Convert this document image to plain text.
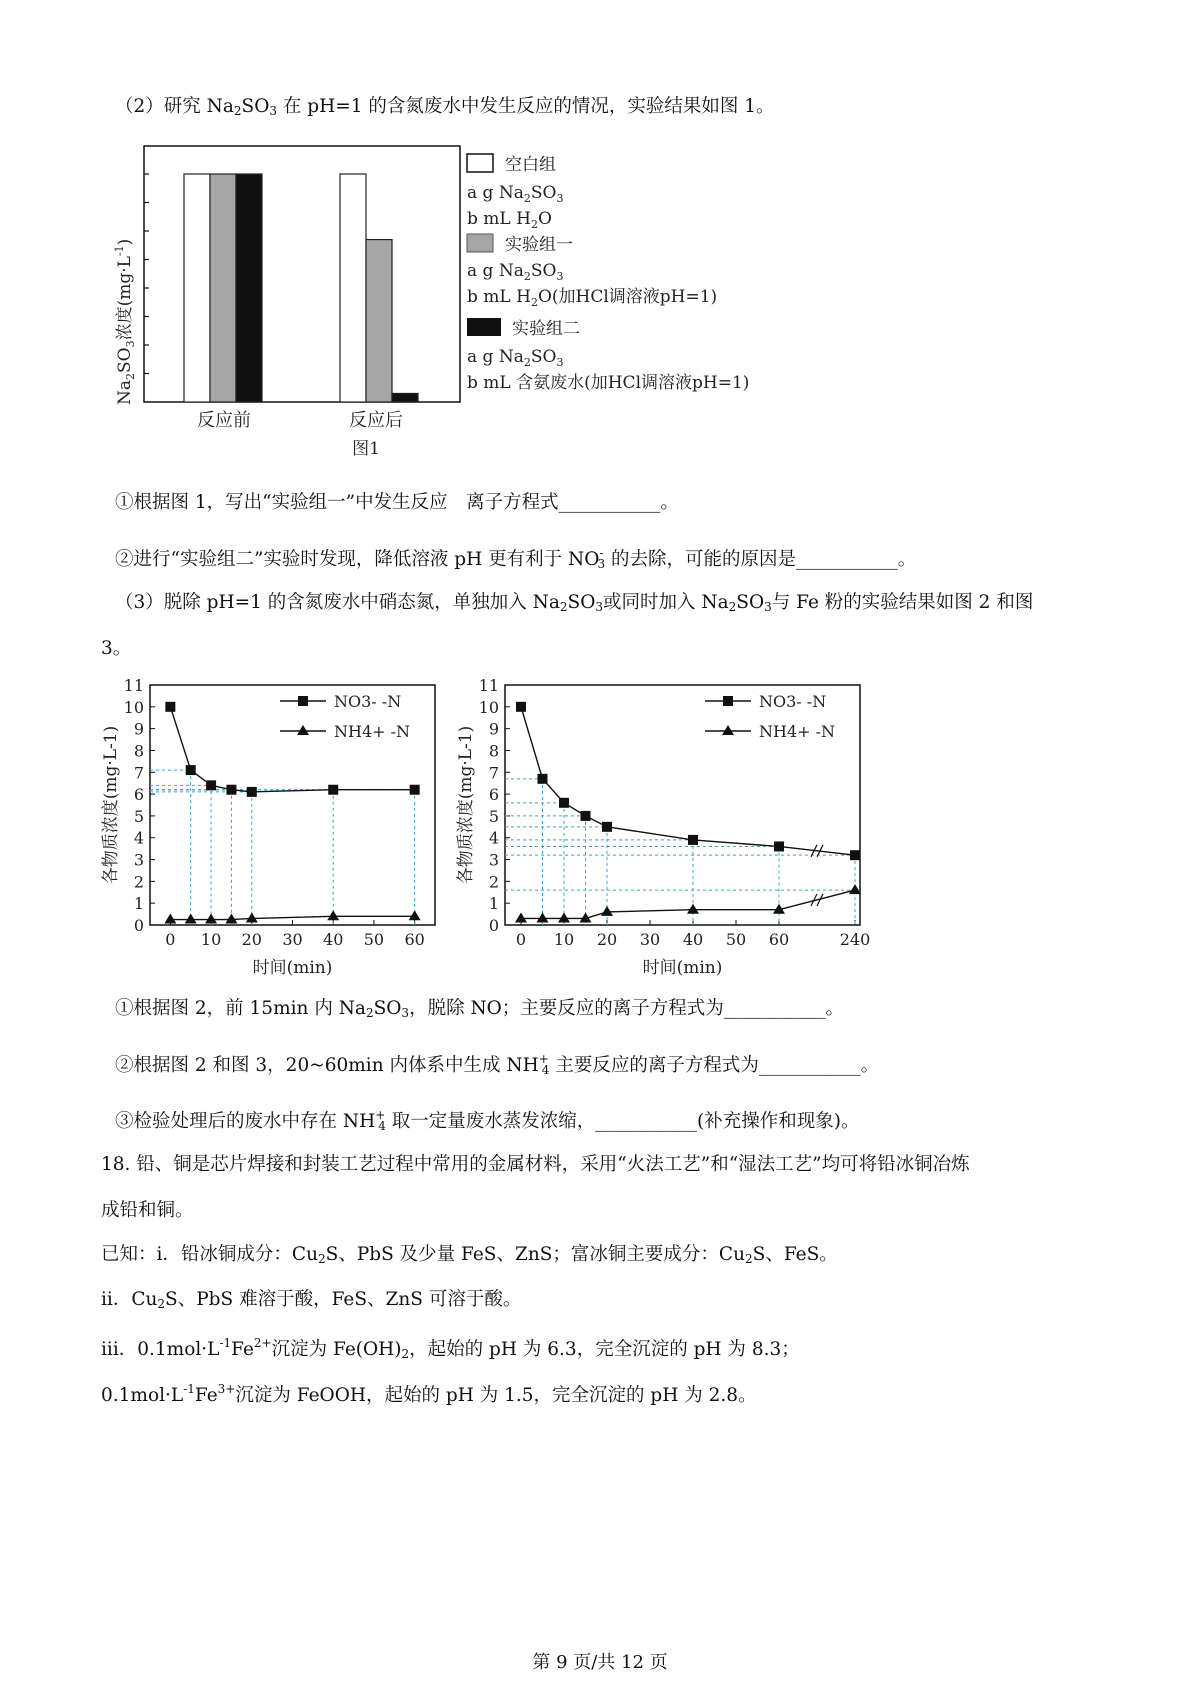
（2）研究 $Na_2SO_3$ 在 pH=1 的含氮废水中发生反应的情况，实验结果如图 1。
$Na_2SO_3$浓度$(mg\cdot L^{-1})$
反应前	反应后
图1
空白组
a g $Na_2SO_3$
b mL $H_2O$
实验组一
a g $Na_2SO_3$
b mL $H_2O$(加HCl调溶液pH=1)
实验组二
a g $Na_2SO_3$
b mL 含氨废水(加HCl调溶液pH=1)
①根据图 1，写出“实验组一”中发生反应　离子方程式___________。
②进行“实验组二”实验时发现，降低溶液 pH 更有利于 $NO^-_3$ 的去除，可能的原因是___________。
（3）脱除 pH=1 的含氮废水中硝态氮，单独加入 $Na_2SO_3$或同时加入 $Na_2SO_3$与 Fe 粉的实验结果如图 2 和图
3。
0
1
2
3
4
5
6
7
8
9
10
11
0 10 20 30 40 50 60
时间(min)
各物质浓度(mg·L-1)
NO3- -N
NH4+ -N
0
1
2
3
4
5
6
7
8
9
10
11
0 10 20 30 40 50 60	240
时间(min)
各物质浓度(mg·L-1)
NO3- -N
NH4+ -N
①根据图 2，前 15min 内 $Na_2SO_3$，脱除 NO；主要反应的离子方程式为___________。
②根据图 2 和图 3，20~60min 内体系中生成 $NH^+_4$ 主要反应的离子方程式为___________。
③检验处理后的废水中存在 $NH^+_4$ 取一定量废水蒸发浓缩，___________(补充操作和现象)。
18. 铅、铜是芯片焊接和封装工艺过程中常用的金属材料，采用“火法工艺”和“湿法工艺”均可将铅冰铜冶炼
成铅和铜。
已知：i．铅冰铜成分：$Cu_2S$、PbS 及少量 FeS、ZnS；富冰铜主要成分：$Cu_2S$、FeS。
ii．$Cu_2S$、PbS 难溶于酸，FeS、ZnS 可溶于酸。
iii．$0.1mol\cdot L^{-1}Fe^{2+}$沉淀为 $Fe(OH)_2$，起始的 pH 为 6.3，完全沉淀的 pH 为 8.3；
$0.1mol\cdot L^{-1}Fe^{3+}$沉淀为 FeOOH，起始的 pH 为 1.5，完全沉淀的 pH 为 2.8。
第 9 页/共 12 页
